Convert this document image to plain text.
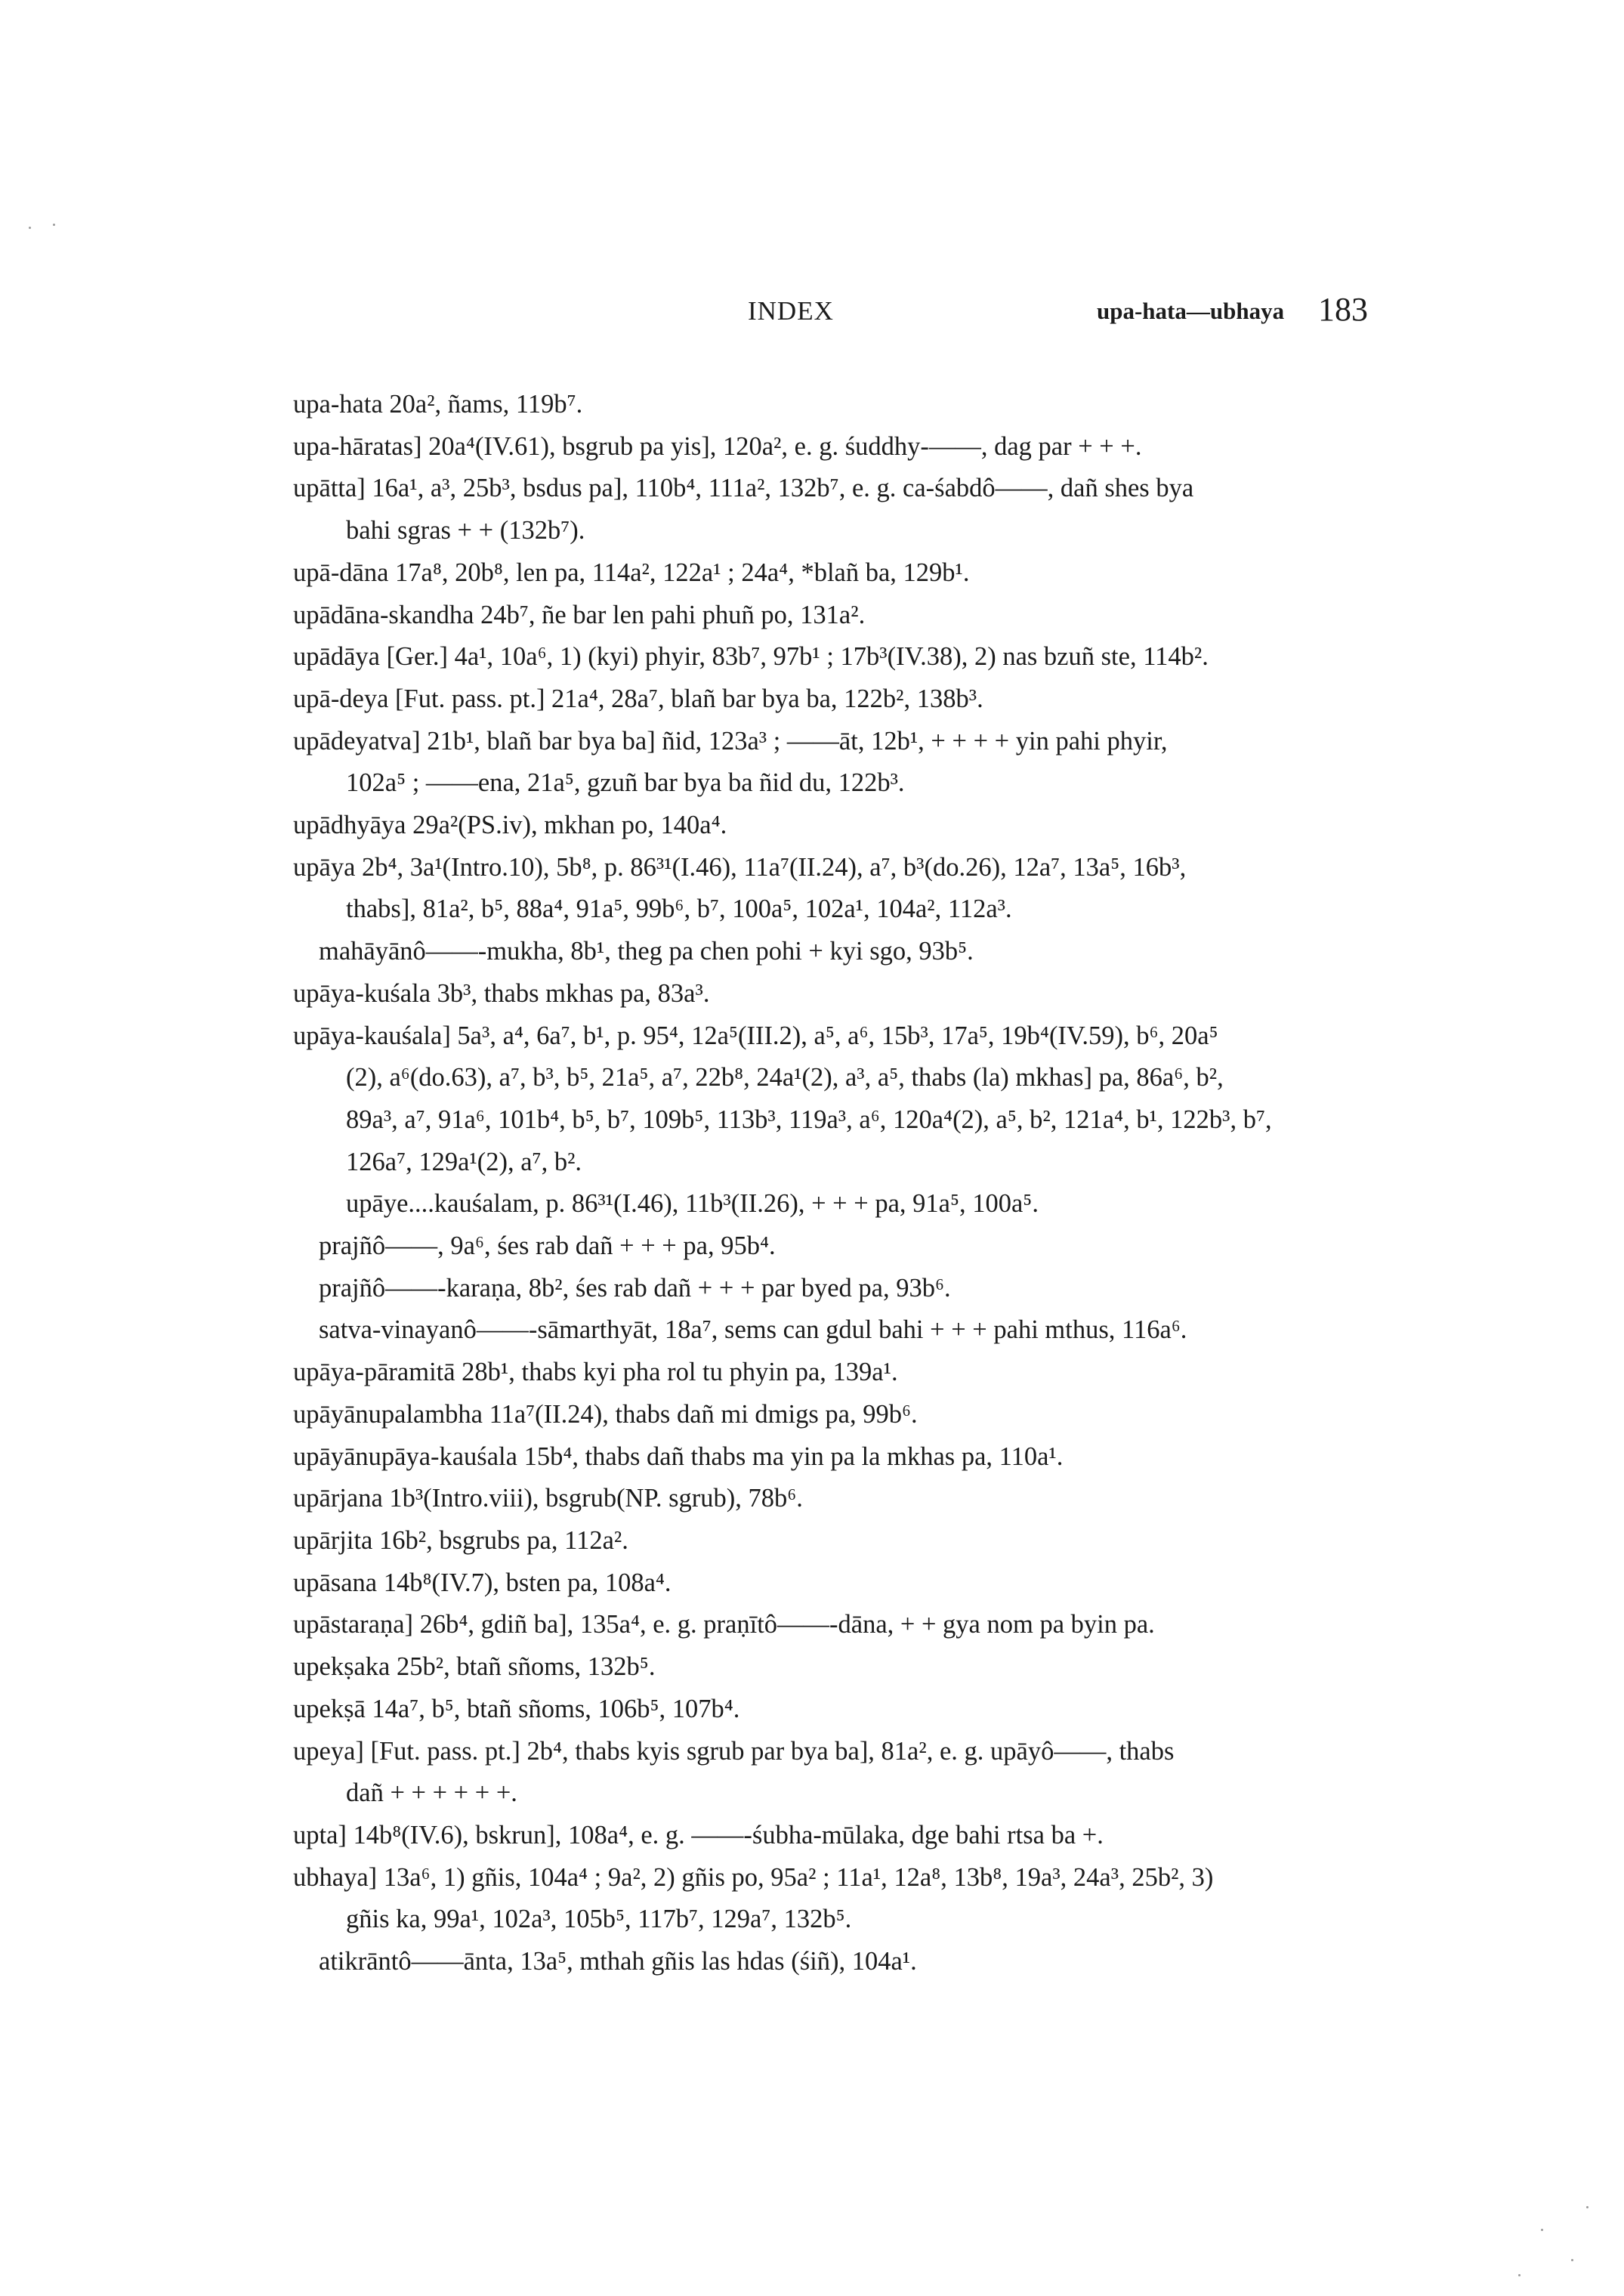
INDEX	upa-hata—ubhaya 183
upa-hata 20a², ñams, 119b⁷.
upa-hāratas] 20a⁴(IV.61), bsgrub pa yis], 120a², e. g. śuddhy-——, dag par + + +.
upātta] 16a¹, a³, 25b³, bsdus pa], 110b⁴, 111a², 132b⁷, e. g. ca-śabdô——, dañ shes bya
bahi sgras + + (132b⁷).
upā-dāna 17a⁸, 20b⁸, len pa, 114a², 122a¹ ; 24a⁴, *blañ ba, 129b¹.
upādāna-skandha 24b⁷, ñe bar len pahi phuñ po, 131a².
upādāya [Ger.] 4a¹, 10a⁶, 1) (kyi) phyir, 83b⁷, 97b¹ ; 17b³(IV.38), 2) nas bzuñ ste, 114b².
upā-deya [Fut. pass. pt.] 21a⁴, 28a⁷, blañ bar bya ba, 122b², 138b³.
upādeyatva] 21b¹, blañ bar bya ba] ñid, 123a³ ; ——āt, 12b¹, + + + + yin pahi phyir,
102a⁵ ; ——ena, 21a⁵, gzuñ bar bya ba ñid du, 122b³.
upādhyāya 29a²(PS.iv), mkhan po, 140a⁴.
upāya 2b⁴, 3a¹(Intro.10), 5b⁸, p. 86³¹(I.46), 11a⁷(II.24), a⁷, b³(do.26), 12a⁷, 13a⁵, 16b³,
thabs], 81a², b⁵, 88a⁴, 91a⁵, 99b⁶, b⁷, 100a⁵, 102a¹, 104a², 112a³.
mahāyānô——-mukha, 8b¹, theg pa chen pohi + kyi sgo, 93b⁵.
upāya-kuśala 3b³, thabs mkhas pa, 83a³.
upāya-kauśala] 5a³, a⁴, 6a⁷, b¹, p. 95⁴, 12a⁵(III.2), a⁵, a⁶, 15b³, 17a⁵, 19b⁴(IV.59), b⁶, 20a⁵
(2), a⁶(do.63), a⁷, b³, b⁵, 21a⁵, a⁷, 22b⁸, 24a¹(2), a³, a⁵, thabs (la) mkhas] pa, 86a⁶, b²,
89a³, a⁷, 91a⁶, 101b⁴, b⁵, b⁷, 109b⁵, 113b³, 119a³, a⁶, 120a⁴(2), a⁵, b², 121a⁴, b¹, 122b³, b⁷,
126a⁷, 129a¹(2), a⁷, b².
upāye....kauśalam, p. 86³¹(I.46), 11b³(II.26), + + + pa, 91a⁵, 100a⁵.
prajñô——, 9a⁶, śes rab dañ + + + pa, 95b⁴.
prajñô——-karaṇa, 8b², śes rab dañ + + + par byed pa, 93b⁶.
satva-vinayanô——-sāmarthyāt, 18a⁷, sems can gdul bahi + + + pahi mthus, 116a⁶.
upāya-pāramitā 28b¹, thabs kyi pha rol tu phyin pa, 139a¹.
upāyānupalambha 11a⁷(II.24), thabs dañ mi dmigs pa, 99b⁶.
upāyānupāya-kauśala 15b⁴, thabs dañ thabs ma yin pa la mkhas pa, 110a¹.
upārjana 1b³(Intro.viii), bsgrub(NP. sgrub), 78b⁶.
upārjita 16b², bsgrubs pa, 112a².
upāsana 14b⁸(IV.7), bsten pa, 108a⁴.
upāstaraṇa] 26b⁴, gdiñ ba], 135a⁴, e. g. praṇītô——-dāna, + + gya nom pa byin pa.
upekṣaka 25b², btañ sñoms, 132b⁵.
upekṣā 14a⁷, b⁵, btañ sñoms, 106b⁵, 107b⁴.
upeya] [Fut. pass. pt.] 2b⁴, thabs kyis sgrub par bya ba], 81a², e. g. upāyô——, thabs
dañ + + + + + +.
upta] 14b⁸(IV.6), bskrun], 108a⁴, e. g. ——-śubha-mūlaka, dge bahi rtsa ba +.
ubhaya] 13a⁶, 1) gñis, 104a⁴ ; 9a², 2) gñis po, 95a² ; 11a¹, 12a⁸, 13b⁸, 19a³, 24a³, 25b², 3)
gñis ka, 99a¹, 102a³, 105b⁵, 117b⁷, 129a⁷, 132b⁵.
atikrāntô——ānta, 13a⁵, mthah gñis las hdas (śiñ), 104a¹.
